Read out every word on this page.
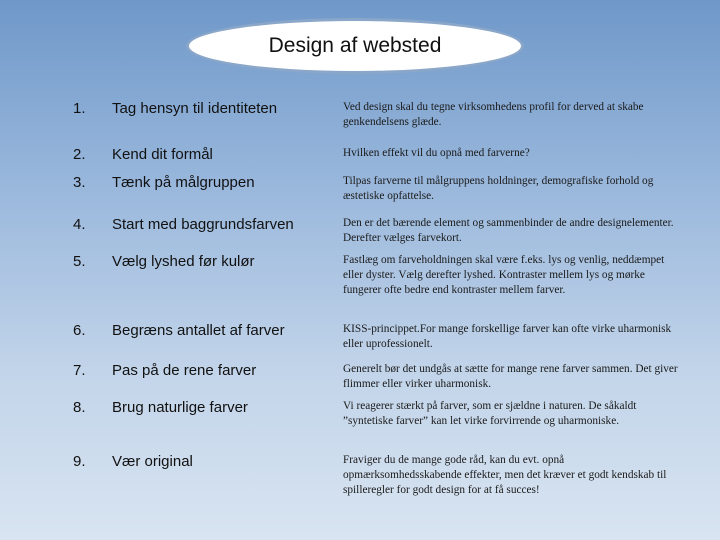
Design af websted
1. Tag hensyn til identiteten	Ved design skal du tegne virksomhedens profil for derved at skabe genkendelsens glæde.
2. Kend dit formål	Hvilken effekt vil du opnå med farverne?
3. Tænk på målgruppen	Tilpas farverne til målgruppens holdninger, demografiske forhold og æstetiske opfattelse.
4. Start med baggrundsfarven	Den er det bærende element og sammenbinder de andre designelementer. Derefter vælges farvekort.
5. Vælg lyshed før kulør	Fastlæg om farveholdningen skal være f.eks. lys og venlig, neddæmpet eller dyster. Vælg derefter lyshed. Kontraster mellem lys og mørke fungerer ofte bedre end kontraster mellem farver.
6. Begræns antallet af farver	KISS-princippet.For mange forskellige farver kan ofte virke uharmonisk eller uprofessionelt.
7. Pas på de rene farver	Generelt bør det undgås at sætte for mange rene farver sammen. Det giver flimmer eller virker uharmonisk.
8. Brug naturlige farver	Vi reagerer stærkt på farver, som er sjældne i naturen. De såkaldt ”syntetiske farver” kan let virke forvirrende og uharmoniske.
9. Vær original	Fraviger du de mange gode råd, kan du evt. opnå opmærksomhedsskabende effekter, men det kræver et godt kendskab til spilleregler for godt design for at få succes!
